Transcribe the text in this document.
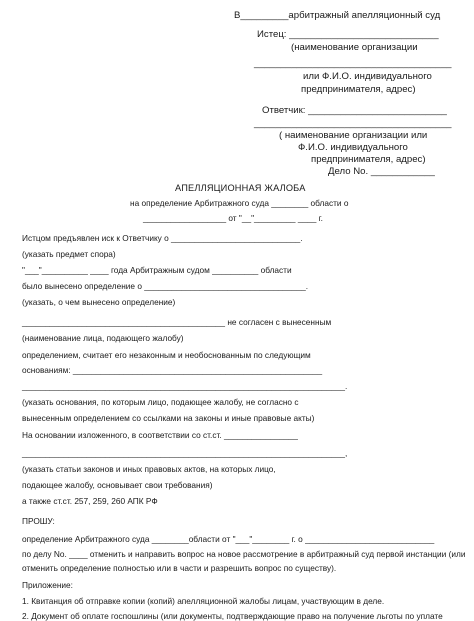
В_________арбитражный апелляционный суд
Истец: ____________________________
(наименование организации
_____________________________________
или Ф.И.О. индивидуального
предпринимателя, адрес)
Ответчик: __________________________
_____________________________________
( наименование организации или
Ф.И.О. индивидуального
предпринимателя, адрес)
Дело No. ____________
АПЕЛЛЯЦИОННАЯ ЖАЛОБА
на определение Арбитражного суда ________ области о
__________________ от "__"_________ ____ г.
Истцом предъявлен иск к Ответчику о ____________________________.
(указать предмет спора)
"___"__________ ____ года Арбитражным судом __________ области
было вынесено определение о ___________________________________.
(указать, о чем вынесено определение)
____________________________________________ не согласен с вынесенным
(наименование лица, подающего жалобу)
определением, считает его незаконным и необоснованным по следующим
основаниям: ______________________________________________________
______________________________________________________________________.
(указать основания, по которым лицо, подающее жалобу, не согласно с
вынесенным определением со ссылками на законы и иные правовые акты)
На основании изложенного, в соответствии со ст.ст. ________________
______________________________________________________________________,
(указать статьи законов и иных правовых актов, на которых лицо,
подающее жалобу, основывает свои требования)
а также ст.ст. 257, 259, 260 АПК РФ
ПРОШУ:
определение Арбитражного суда ________области от "___"________ г. о ____________________________
по делу No. ____ отменить и направить вопрос на новое рассмотрение в арбитражный суд первой инстанции (или
отменить определение полностью или в части и разрешить вопрос по существу).
Приложение:
1. Квитанция об отправке копии (копий) апелляционной жалобы лицам, участвующим в деле.
2. Документ об оплате госпошлины (или документы, подтверждающие право на получение льготы по уплате
